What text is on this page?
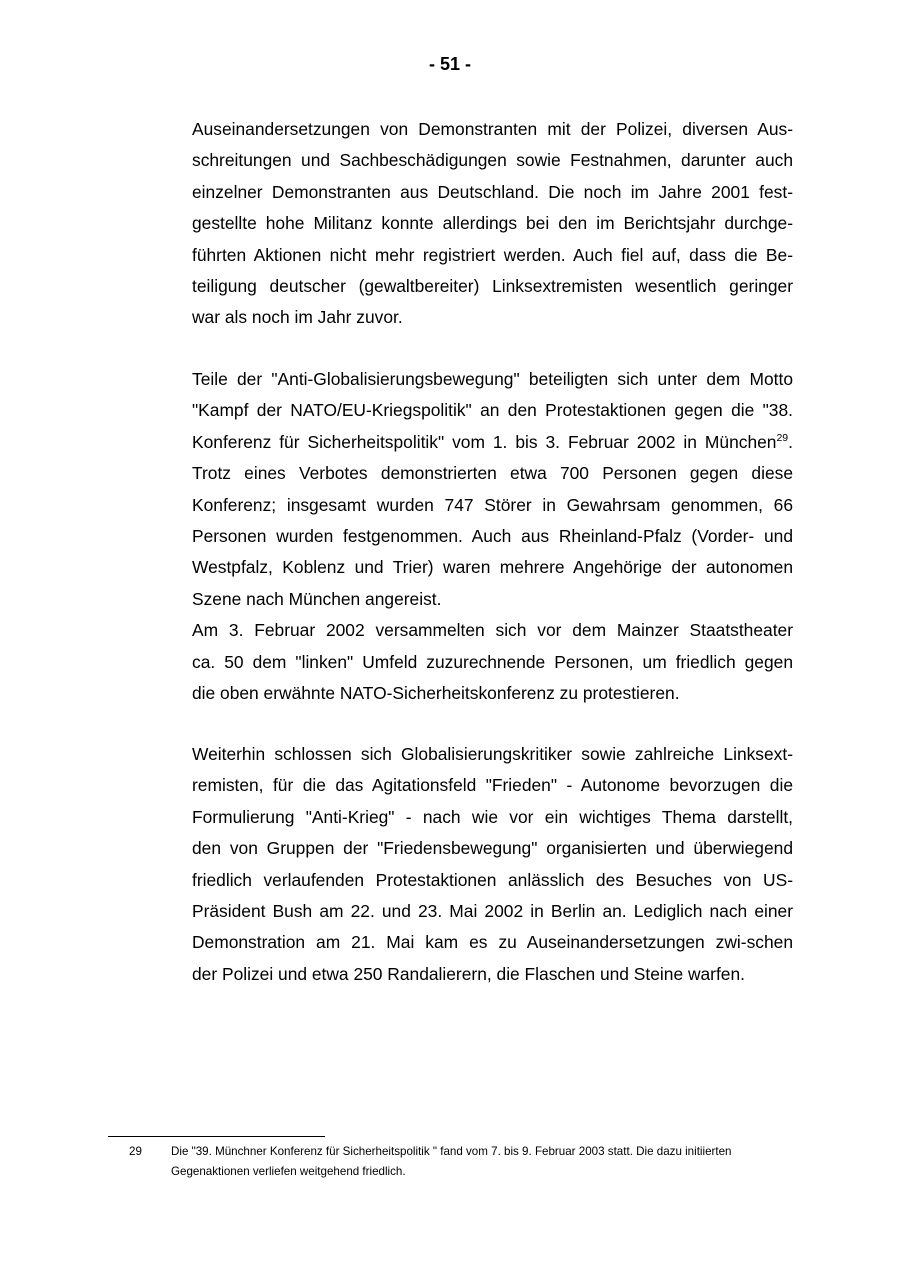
- 51 -
Auseinandersetzungen von Demonstranten mit der Polizei, diversen Aus-
schreitungen und Sachbeschädigungen sowie Festnahmen, darunter auch
einzelner Demonstranten aus Deutschland. Die noch im Jahre 2001 fest-
gestellte hohe Militanz konnte allerdings bei den im Berichtsjahr durchge-
führten Aktionen nicht mehr registriert werden. Auch fiel auf, dass die Be-
teiligung deutscher (gewaltbereiter) Linksextremisten wesentlich geringer
war als noch im Jahr zuvor.
Teile der "Anti-Globalisierungsbewegung" beteiligten sich unter dem Motto
"Kampf der NATO/EU-Kriegspolitik" an den Protestaktionen gegen die "38.
Konferenz für Sicherheitspolitik" vom 1. bis 3. Februar 2002 in München$^{29}$.
Trotz eines Verbotes demonstrierten etwa 700 Personen gegen diese
Konferenz; insgesamt wurden 747 Störer in Gewahrsam genommen, 66
Personen wurden festgenommen. Auch aus Rheinland-Pfalz (Vorder- und
Westpfalz, Koblenz und Trier) waren mehrere Angehörige der autonomen
Szene nach München angereist.
Am 3. Februar 2002 versammelten sich vor dem Mainzer Staatstheater
ca. 50 dem "linken" Umfeld zuzurechnende Personen, um friedlich gegen
die oben erwähnte NATO-Sicherheitskonferenz zu protestieren.
Weiterhin schlossen sich Globalisierungskritiker sowie zahlreiche Linksext-
remisten, für die das Agitationsfeld "Frieden" - Autonome bevorzugen die
Formulierung "Anti-Krieg" - nach wie vor ein wichtiges Thema darstellt,
den von Gruppen der "Friedensbewegung" organisierten und überwiegend
friedlich verlaufenden Protestaktionen anlässlich des Besuches von US-
Präsident Bush am 22. und 23. Mai 2002 in Berlin an. Lediglich nach einer
Demonstration am 21. Mai kam es zu Auseinandersetzungen zwi-schen
der Polizei und etwa 250 Randalierern, die Flaschen und Steine warfen.
29	Die "39. Münchner Konferenz für Sicherheitspolitik " fand vom 7. bis 9. Februar 2003 statt. Die dazu initiierten
Gegenaktionen verliefen weitgehend friedlich.
